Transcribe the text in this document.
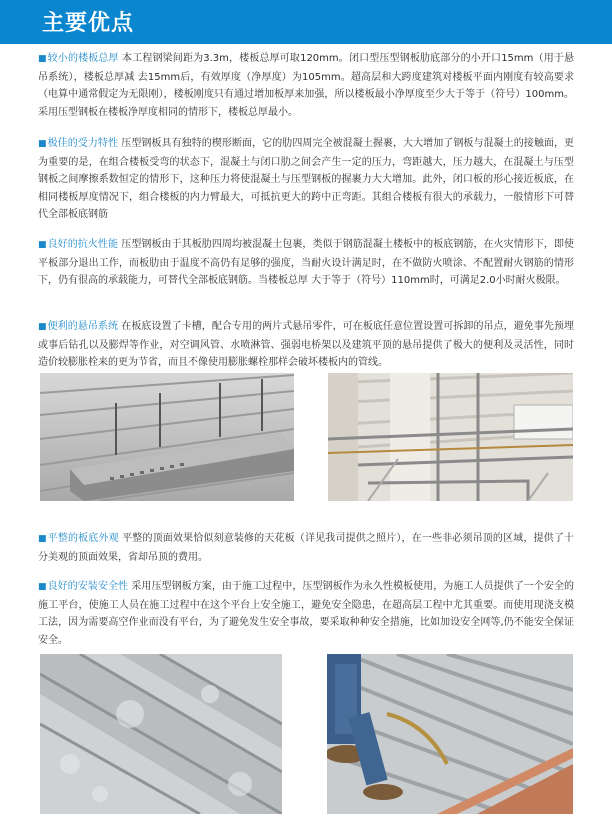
主要优点
■ 较小的楼板总厚 本工程钢梁间距为3.3m，楼板总厚可取120mm。闭口型压型钢板肋底部分的小开口15mm（用于悬吊系统），楼板总厚减 去15mm后，有效厚度（净厚度）为105mm。超高层和大跨度建筑对楼板平面内刚度有较高要求（电算中通常假定为无限刚），楼板刚度只有通过增加板厚来加强，所以楼板最小净厚度至少大于等于（符号）100mm。采用压型钢板在楼板净厚度相同的情形下，楼板总厚最小。
■ 极佳的受力特性 压型钢板具有独特的楔形断面，它的肋四周完全被混凝土握裹，大大增加了钢板与混凝土的接触面，更为重要的是，在组合楼板受弯的状态下，混凝土与闭口肋之间会产生一定的压力，弯距越大，压力越大，在混凝土与压型钢板之间摩擦系数恒定的情形下，这种压力将使混凝土与压型钢板的握裹力大大增加。此外，闭口板的形心接近板底，在相同楼板厚度情况下，组合楼板的内力臂最大，可抵抗更大的跨中正弯距。其组合楼板有很大的承载力，一般情形下可替代全部板底钢筋
■ 良好的抗火性能 压型钢板由于其板肋四周均被混凝土包裹，类似于钢筋混凝土楼板中的板底钢筋，在火灾情形下，即使平板部分退出工作，而板肋由于温度不高仍有足够的强度，当耐火设计满足时，在不做防火喷涂、不配置耐火钢筋的情形下，仍有很高的承载能力，可替代全部板底钢筋。当楼板总厚 大于等于（符号）110mm时，可满足2.0小时耐火极限。
■ 便利的悬吊系统 在板底设置了卡槽，配合专用的两片式悬吊零件，可在板底任意位置设置可拆卸的吊点，避免事先预埋或事后钻孔以及膨焊等作业，对空调风管、水喷淋管、强弱电桥架以及建筑平顶的悬吊提供了极大的便利及灵活性，同时造价较膨胀栓来的更为节省，而且不像使用膨胀螺栓那样会破坏楼板内的管线。
■ 平整的板底外观 平整的顶面效果恰似刻意装修的天花板（详见我司提供之照片），在一些非必须吊顶的区域，提供了十分美观的顶面效果，省却吊顶的费用。
■ 良好的安装安全性 采用压型钢板方案，由于施工过程中，压型钢板作为永久性模板使用，为施工人员提供了一个安全的施工平台，使施工人员在施工过程中在这个平台上安全施工，避免安全隐患，在超高层工程中尤其重要。而使用现浇支模工法，因为需要高空作业而没有平台，为了避免发生安全事故，要采取种种安全措施，比如加设安全网等,仍不能安全保证安全。
